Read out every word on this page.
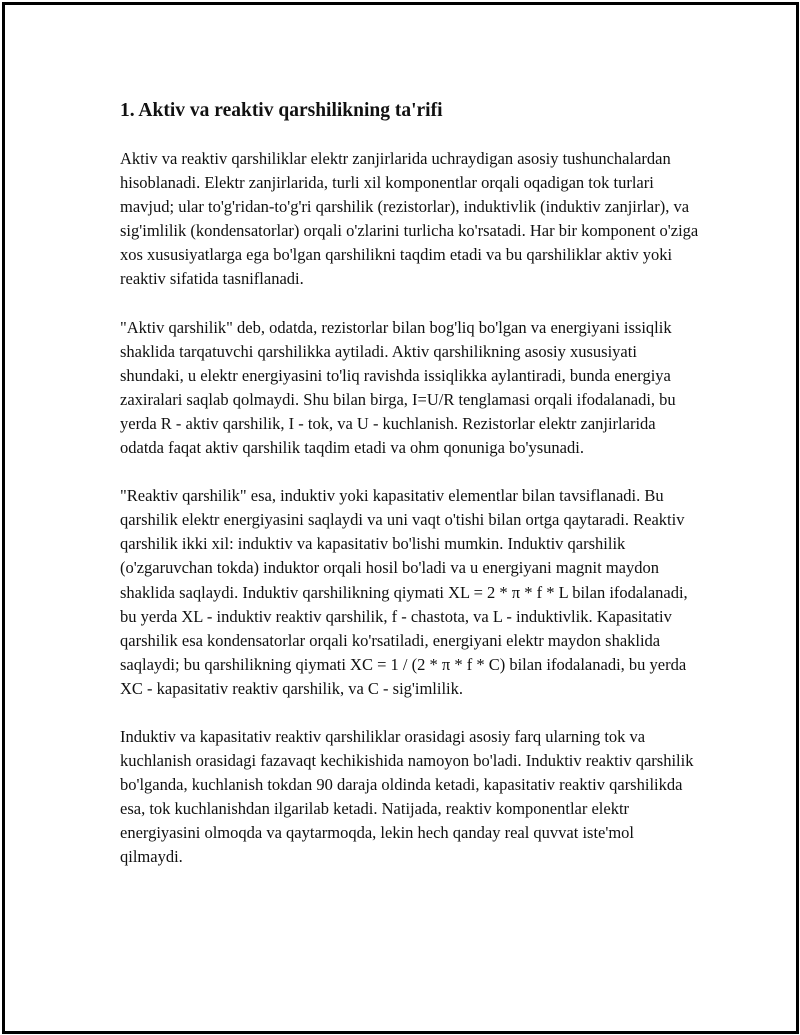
1. Aktiv va reaktiv qarshilikning ta'rifi

Aktiv va reaktiv qarshiliklar elektr zanjirlarida uchraydigan asosiy tushunchalardan hisoblanadi. Elektr zanjirlarida, turli xil komponentlar orqali oqadigan tok turlari mavjud; ular to'g'ridan-to'g'ri qarshilik (rezistorlar), induktivlik (induktiv zanjirlar), va sig'imlilik (kondensatorlar) orqali o'zlarini turlicha ko'rsatadi. Har bir komponent o'ziga xos xususiyatlarga ega bo'lgan qarshilikni taqdim etadi va bu qarshiliklar aktiv yoki reaktiv sifatida tasniflanadi.

"Aktiv qarshilik" deb, odatda, rezistorlar bilan bog'liq bo'lgan va energiyani issiqlik shaklida tarqatuvchi qarshilikka aytiladi. Aktiv qarshilikning asosiy xususiyati shundaki, u elektr energiyasini to'liq ravishda issiqlikka aylantiradi, bunda energiya zaxiralari saqlab qolmaydi. Shu bilan birga, I=U/R tenglamasi orqali ifodalanadi, bu yerda R - aktiv qarshilik, I - tok, va U - kuchlanish. Rezistorlar elektr zanjirlarida odatda faqat aktiv qarshilik taqdim etadi va ohm qonuniga bo'ysunadi.

"Reaktiv qarshilik" esa, induktiv yoki kapasitativ elementlar bilan tavsiflanadi. Bu qarshilik elektr energiyasini saqlaydi va uni vaqt o'tishi bilan ortga qaytaradi. Reaktiv qarshilik ikki xil: induktiv va kapasitativ bo'lishi mumkin. Induktiv qarshilik (o'zgaruvchan tokda) induktor orqali hosil bo'ladi va u energiyani magnit maydon shaklida saqlaydi. Induktiv qarshilikning qiymati XL = 2 * π * f * L bilan ifodalanadi, bu yerda XL - induktiv reaktiv qarshilik, f - chastota, va L - induktivlik. Kapasitativ qarshilik esa kondensatorlar orqali ko'rsatiladi, energiyani elektr maydon shaklida saqlaydi; bu qarshilikning qiymati XC = 1 / (2 * π * f * C) bilan ifodalanadi, bu yerda XC - kapasitativ reaktiv qarshilik, va C - sig'imlilik.

Induktiv va kapasitativ reaktiv qarshiliklar orasidagi asosiy farq ularning tok va kuchlanish orasidagi fazavaqt kechikishida namoyon bo'ladi. Induktiv reaktiv qarshilik bo'lganda, kuchlanish tokdan 90 daraja oldinda ketadi, kapasitativ reaktiv qarshilikda esa, tok kuchlanishdan ilgarilab ketadi. Natijada, reaktiv komponentlar elektr energiyasini olmoqda va qaytarmoqda, lekin hech qanday real quvvat iste'mol qilmaydi.
